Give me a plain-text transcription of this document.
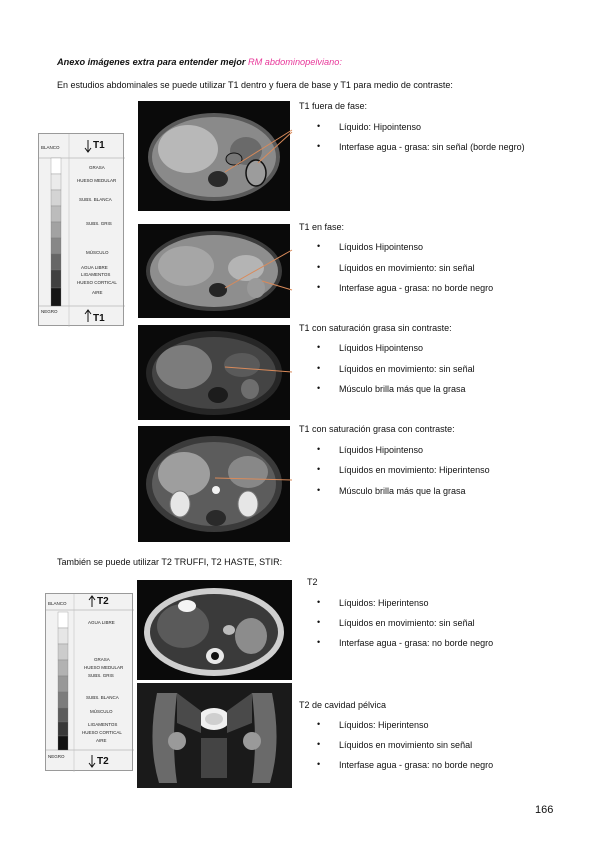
Anexo imágenes extra para entender mejor RM abdominopelviano:
En estudios abdominales se puede utilizar T1 dentro y fuera de base y T1 para medio de contraste:
BLANCO	T1
GRASA
HUESO MEDULAR
SUBS. BLANCA
SUBS. GRIS
MÚSCULO
AGUA LIBRE
LIGAMENTOS
HUESO CORTICAL
AIRE
NEGRO
T1
T1 fuera de fase:
• Líquido: Hipointenso
• Interfase agua - grasa: sin señal (borde negro)
T1 en fase:
• Líquidos Hipointenso
• Líquidos en movimiento: sin señal
• Interfase agua - grasa: no borde negro
T1 con saturación grasa sin contraste:
• Líquidos Hipointenso
• Líquidos en movimiento: sin señal
• Músculo brilla más que la grasa
T1 con saturación grasa con contraste:
• Líquidos Hipointenso
• Líquidos en movimiento: Hiperintenso
• Músculo brilla más que la grasa
También se puede utilizar T2 TRUFFI, T2 HASTE, STIR:
BLANCO	T2
AGUA LIBRE
GRASA
HUESO MEDULAR
SUBS. GRIS
SUBS. BLANCA
MÚSCULO
LIGAMENTOS
HUESO CORTICAL
AIRE
NEGRO	T2
T2
• Líquidos: Hiperintenso
• Líquidos en movimiento: sin señal
• Interfase agua - grasa: no borde negro
T2 de cavidad pélvica
• Líquidos: Hiperintenso
• Líquidos en movimiento sin señal
• Interfase agua - grasa: no borde negro
166
